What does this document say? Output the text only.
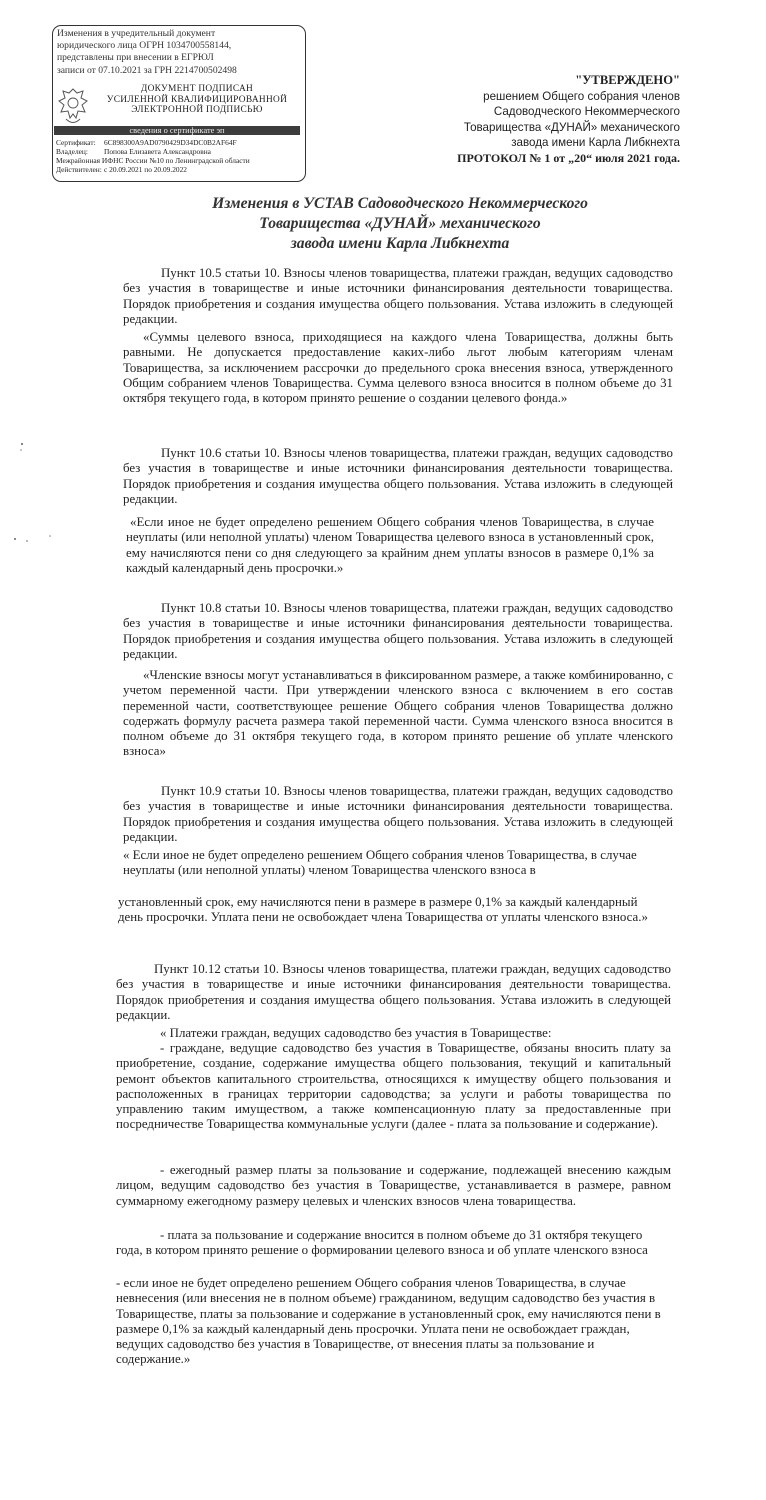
Изменения в учредительный документ
юридического лица ОГРН 1034700558144,
представлены при внесении в ЕГРЮЛ
записи от 07.10.2021 за ГРН 2214700502498
ДОКУМЕНТ ПОДПИСАН
УСИЛЕННОЙ КВАЛИФИЦИРОВАННОЙ
ЭЛЕКТРОННОЙ ПОДПИСЬЮ
сведения о сертификате эп
Сертификат: 6C898300A9AD0790429D34DC0B2AF64F
Владелец: Попова Елизавета Александровна
Межрайонная ИФНС России №10 по Ленинградской области
Действителен: с 20.09.2021 по 20.09.2022
"УТВЕРЖДЕНО"
решением Общего собрания членов
Садоводческого Некоммерческого
Товарищества «ДУНАЙ» механического
завода имени Карла Либкнехта
ПРОТОКОЛ № 1 от „20“ июля 2021 года.
Изменения в УСТАВ Садоводческого Некоммерческого
Товарищества «ДУНАЙ» механического
завода имени Карла Либкнехта
Пункт 10.5 статьи 10. Взносы членов товарищества, платежи граждан, ведущих садоводство без участия в товариществе и иные источники финансирования деятельности товарищества. Порядок приобретения и создания имущества общего пользования. Устава изложить в следующей редакции.
«Суммы целевого взноса, приходящиеся на каждого члена Товарищества, должны быть равными. Не допускается предоставление каких-либо льгот любым категориям членам Товарищества, за исключением рассрочки до предельного срока внесения взноса, утвержденного Общим собранием членов Товарищества. Сумма целевого взноса вносится в полном объеме до 31 октября текущего года, в котором принято решение о создании целевого фонда.»
Пункт 10.6 статьи 10. Взносы членов товарищества, платежи граждан, ведущих садоводство без участия в товариществе и иные источники финансирования деятельности товарищества. Порядок приобретения и создания имущества общего пользования. Устава изложить в следующей редакции.
«Если иное не будет определено решением Общего собрания членов Товарищества, в случае неуплаты (или неполной уплаты) членом Товарищества целевого взноса в установленный срок, ему начисляются пени со дня следующего за крайним днем уплаты взносов в размере 0,1% за каждый календарный день просрочки.»
Пункт 10.8 статьи 10. Взносы членов товарищества, платежи граждан, ведущих садоводство без участия в товариществе и иные источники финансирования деятельности товарищества. Порядок приобретения и создания имущества общего пользования. Устава изложить в следующей редакции.
«Членские взносы могут устанавливаться в фиксированном размере, а также комбинированно, с учетом переменной части. При утверждении членского взноса с включением в его состав переменной части, соответствующее решение Общего собрания членов Товарищества должно содержать формулу расчета размера такой переменной части. Сумма членского взноса вносится в полном объеме до 31 октября текущего года, в котором принято решение об уплате членского взноса»
Пункт 10.9 статьи 10. Взносы членов товарищества, платежи граждан, ведущих садоводство без участия в товариществе и иные источники финансирования деятельности товарищества. Порядок приобретения и создания имущества общего пользования. Устава изложить в следующей редакции.
« Если иное не будет определено решением Общего собрания членов Товарищества, в случае неуплаты (или неполной уплаты) членом Товарищества членского взноса в
установленный срок, ему начисляются пени в размере в размере 0,1% за каждый календарный день просрочки. Уплата пени не освобождает члена Товарищества от уплаты членского взноса.»
Пункт 10.12 статьи 10. Взносы членов товарищества, платежи граждан, ведущих садоводство без участия в товариществе и иные источники финансирования деятельности товарищества. Порядок приобретения и создания имущества общего пользования. Устава изложить в следующей редакции.
« Платежи граждан, ведущих садоводство без участия в Товариществе:
- граждане, ведущие садоводство без участия в Товариществе, обязаны вносить плату за приобретение, создание, содержание имущества общего пользования, текущий и капитальный ремонт объектов капитального строительства, относящихся к имуществу общего пользования и расположенных в границах территории садоводства; за услуги и работы товарищества по управлению таким имуществом, а также компенсационную плату за предоставленные при посредничестве Товарищества коммунальные услуги (далее - плата за пользование и содержание).
- ежегодный размер платы за пользование и содержание, подлежащей внесению каждым лицом, ведущим садоводство без участия в Товариществе, устанавливается в размере, равном суммарному ежегодному размеру целевых и членских взносов члена товарищества.
- плата за пользование и содержание вносится в полном объеме до 31 октября текущего года, в котором принято решение о формировании целевого взноса и об уплате членского взноса
- если иное не будет определено решением Общего собрания членов Товарищества, в случае невнесения (или внесения не в полном объеме) гражданином, ведущим садоводство без участия в Товариществе, платы за пользование и содержание в установленный срок, ему начисляются пени в размере 0,1% за каждый календарный день просрочки. Уплата пени не освобождает граждан, ведущих садоводство без участия в Товариществе, от внесения платы за пользование и содержание.»
